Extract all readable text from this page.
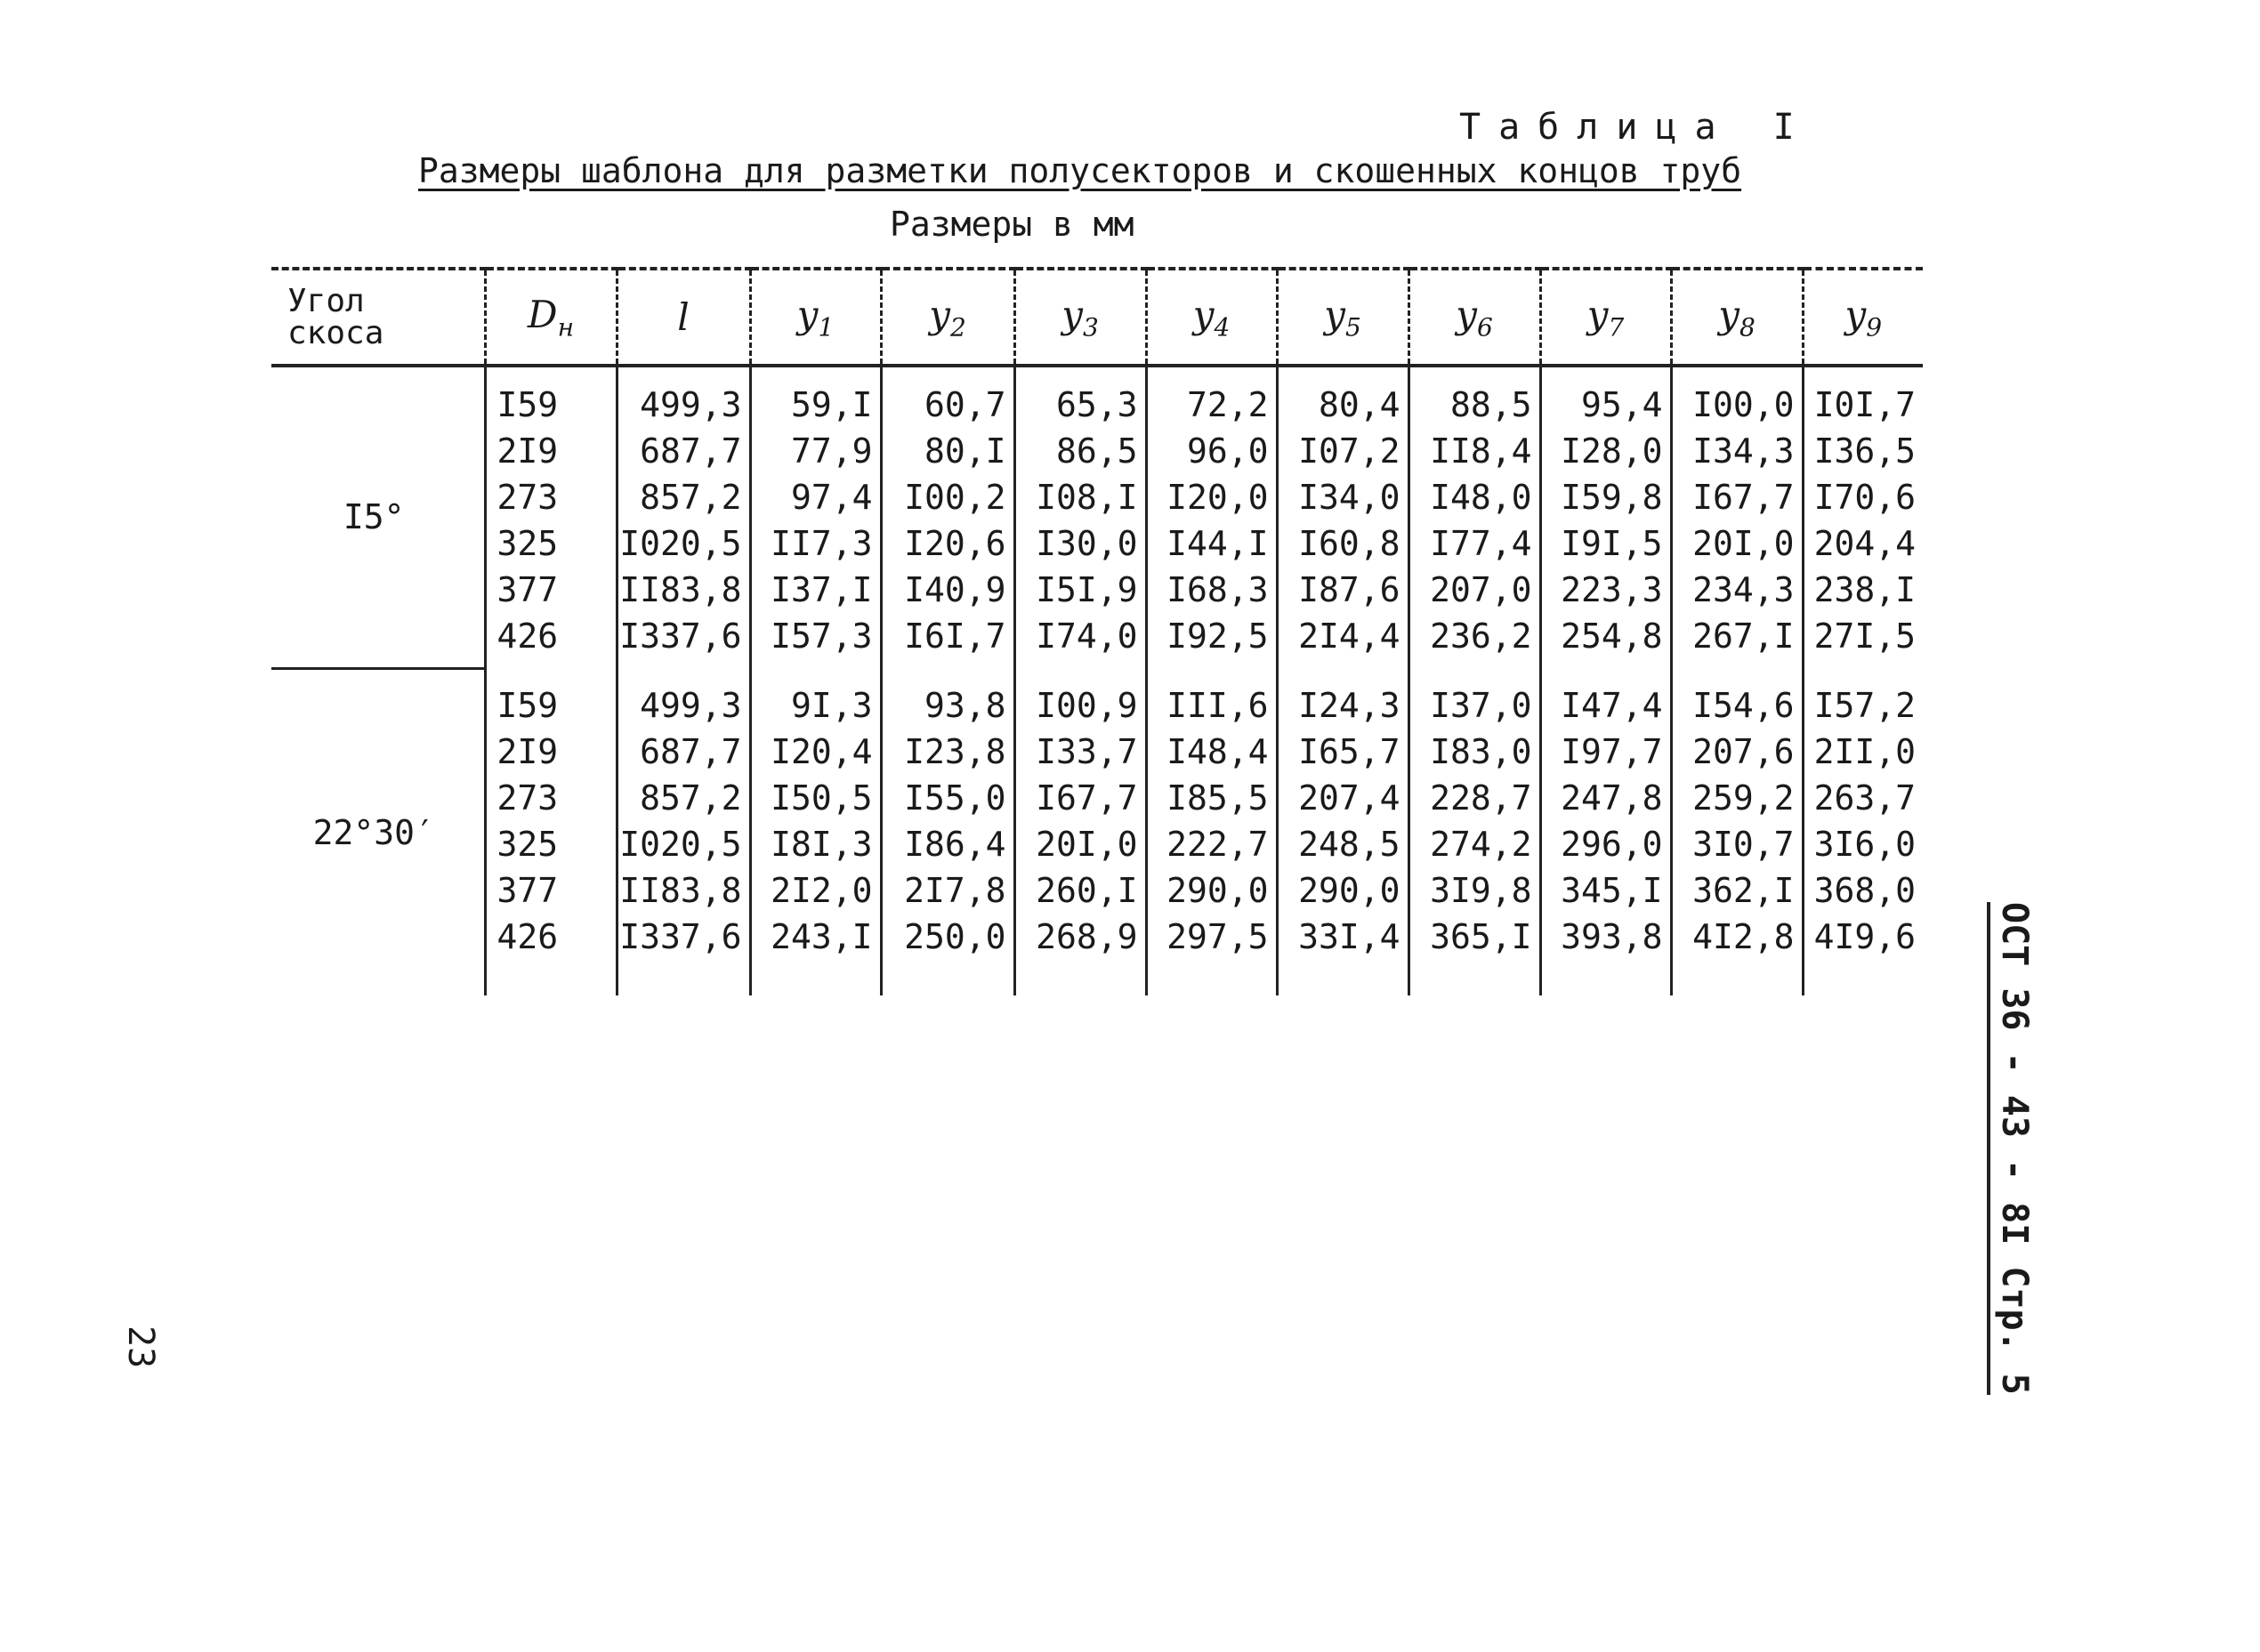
Таблица I
Размеры шаблона для разметки полусекторов и скошенных концов труб
Размеры в мм
Угол
скоса	$D_н$	l	$y_1$	$y_2$	$y_3$	$y_4$	$y_5$	$y_6$	$y_7$	$y_8$	$y_9$
I5°	I59	499,3	59,I	60,7	65,3	72,2	80,4	88,5	95,4	I00,0	I0I,7
	2I9	687,7	77,9	80,I	86,5	96,0	I07,2	II8,4	I28,0	I34,3	I36,5
	273	857,2	97,4	I00,2	I08,I	I20,0	I34,0	I48,0	I59,8	I67,7	I70,6
	325	I020,5	II7,3	I20,6	I30,0	I44,I	I60,8	I77,4	I9I,5	20I,0	204,4
	377	II83,8	I37,I	I40,9	I5I,9	I68,3	I87,6	207,0	223,3	234,3	238,I
	426	I337,6	I57,3	I6I,7	I74,0	I92,5	2I4,4	236,2	254,8	267,I	27I,5
22°30′	I59	499,3	9I,3	93,8	I00,9	III,6	I24,3	I37,0	I47,4	I54,6	I57,2
	2I9	687,7	I20,4	I23,8	I33,7	I48,4	I65,7	I83,0	I97,7	207,6	2II,0
	273	857,2	I50,5	I55,0	I67,7	I85,5	207,4	228,7	247,8	259,2	263,7
	325	I020,5	I8I,3	I86,4	20I,0	222,7	248,5	274,2	296,0	3I0,7	3I6,0
	377	II83,8	2I2,0	2I7,8	260,I	290,0	290,0	3I9,8	345,I	362,I	368,0
	426	I337,6	243,I	250,0	268,9	297,5	33I,4	365,I	393,8	4I2,8	4I9,6 ОСТ 36 - 43 - 8I Стр. 5
23
